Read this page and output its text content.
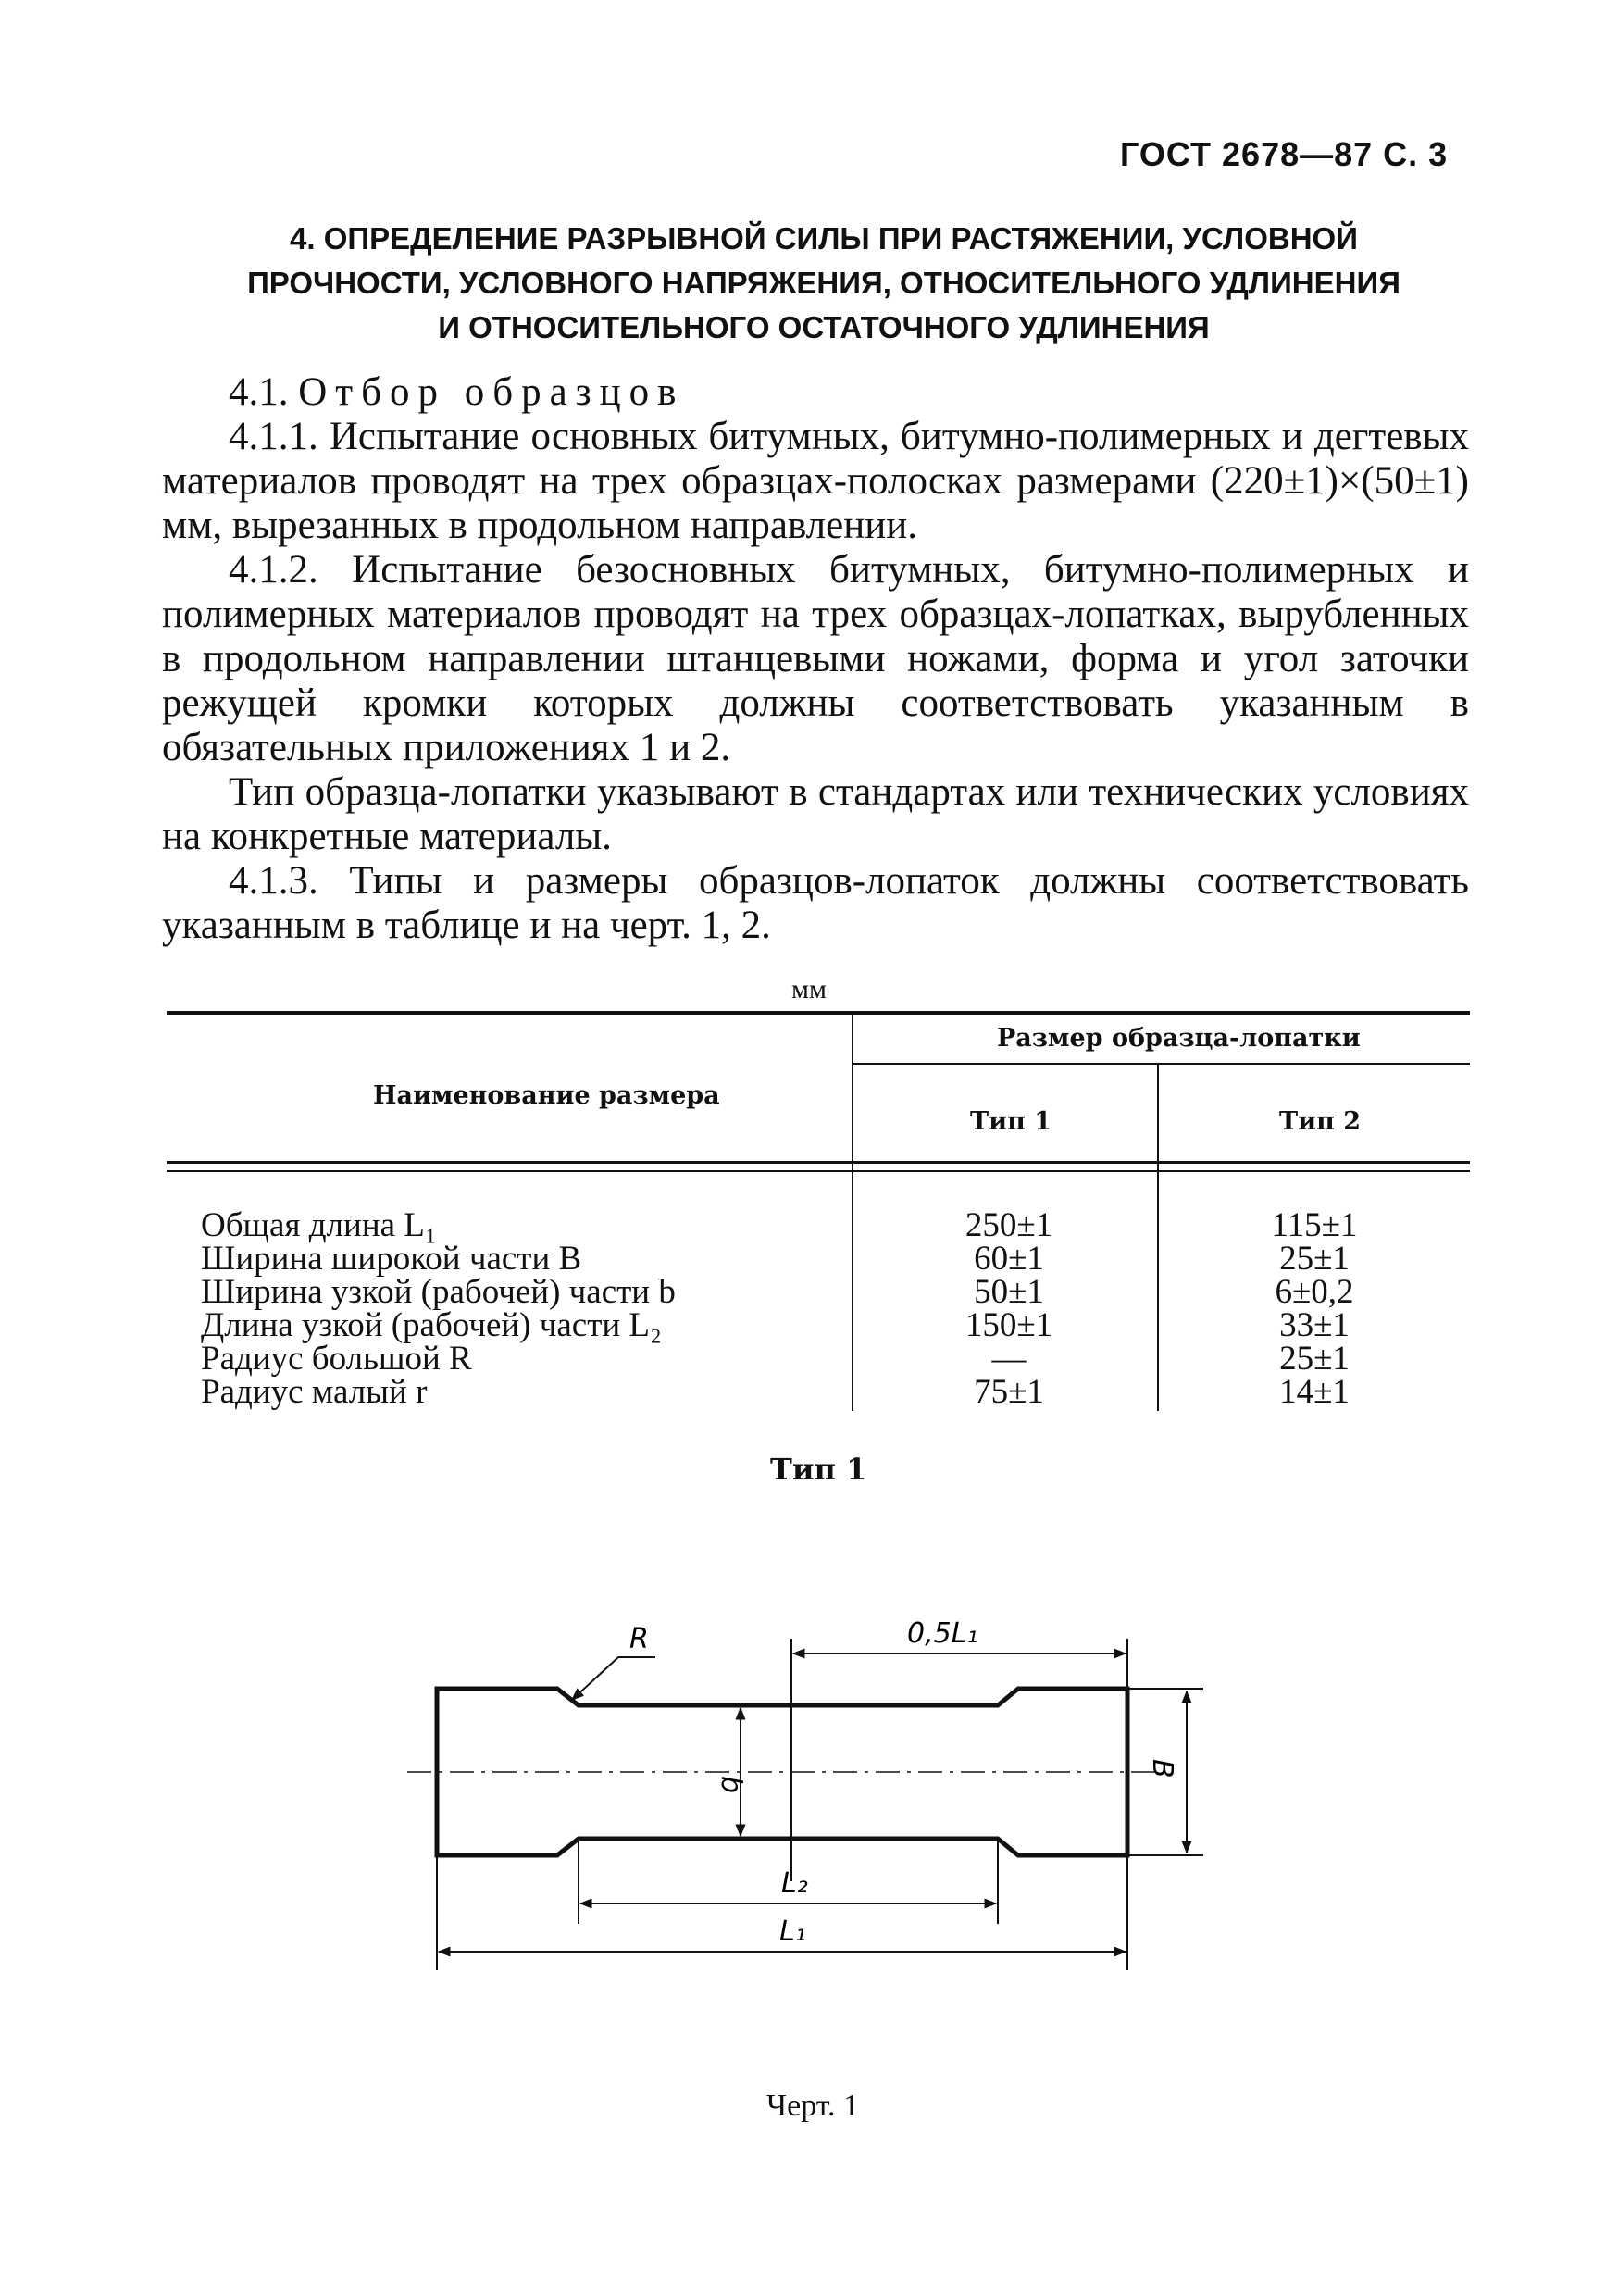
ГОСТ 2678—87 С. 3
4. ОПРЕДЕЛЕНИЕ РАЗРЫВНОЙ СИЛЫ ПРИ РАСТЯЖЕНИИ, УСЛОВНОЙ
ПРОЧНОСТИ, УСЛОВНОГО НАПРЯЖЕНИЯ, ОТНОСИТЕЛЬНОГО УДЛИНЕНИЯ
И ОТНОСИТЕЛЬНОГО ОСТАТОЧНОГО УДЛИНЕНИЯ

4.1. Отбор образцов

4.1.1. Испытание основных битумных, битумно-полимерных и дегтевых материалов проводят на трех образцах-полосках размерами (220±1)×(50±1) мм, вырезанных в продольном направлении.

4.1.2. Испытание безосновных битумных, битумно-полимерных и полимерных материалов проводят на трех образцах-лопатках, вырубленных в продольном направлении штанцевыми ножами, форма и угол заточки режущей кромки которых должны соответствовать указанным в обязательных приложениях 1 и 2.

Тип образца-лопатки указывают в стандартах или технических условиях на конкретные материалы.

4.1.3. Типы и размеры образцов-лопаток должны соответствовать указанным в таблице и на черт. 1, 2.

мм
Наименование размера
Размер образца-лопатки
Тип 1	Тип 2
Общая длина L₁	250±1	115±1
Ширина широкой части B	60±1	25±1
Ширина узкой (рабочей) части b	50±1	6±0,2
Длина узкой (рабочей) части L₂	150±1	33±1
Радиус большой R	—	25±1
Радиус малый r	75±1	14±1
Тип 1
0,5L₁
R
b
B
L₂
L₁
Черт. 1
